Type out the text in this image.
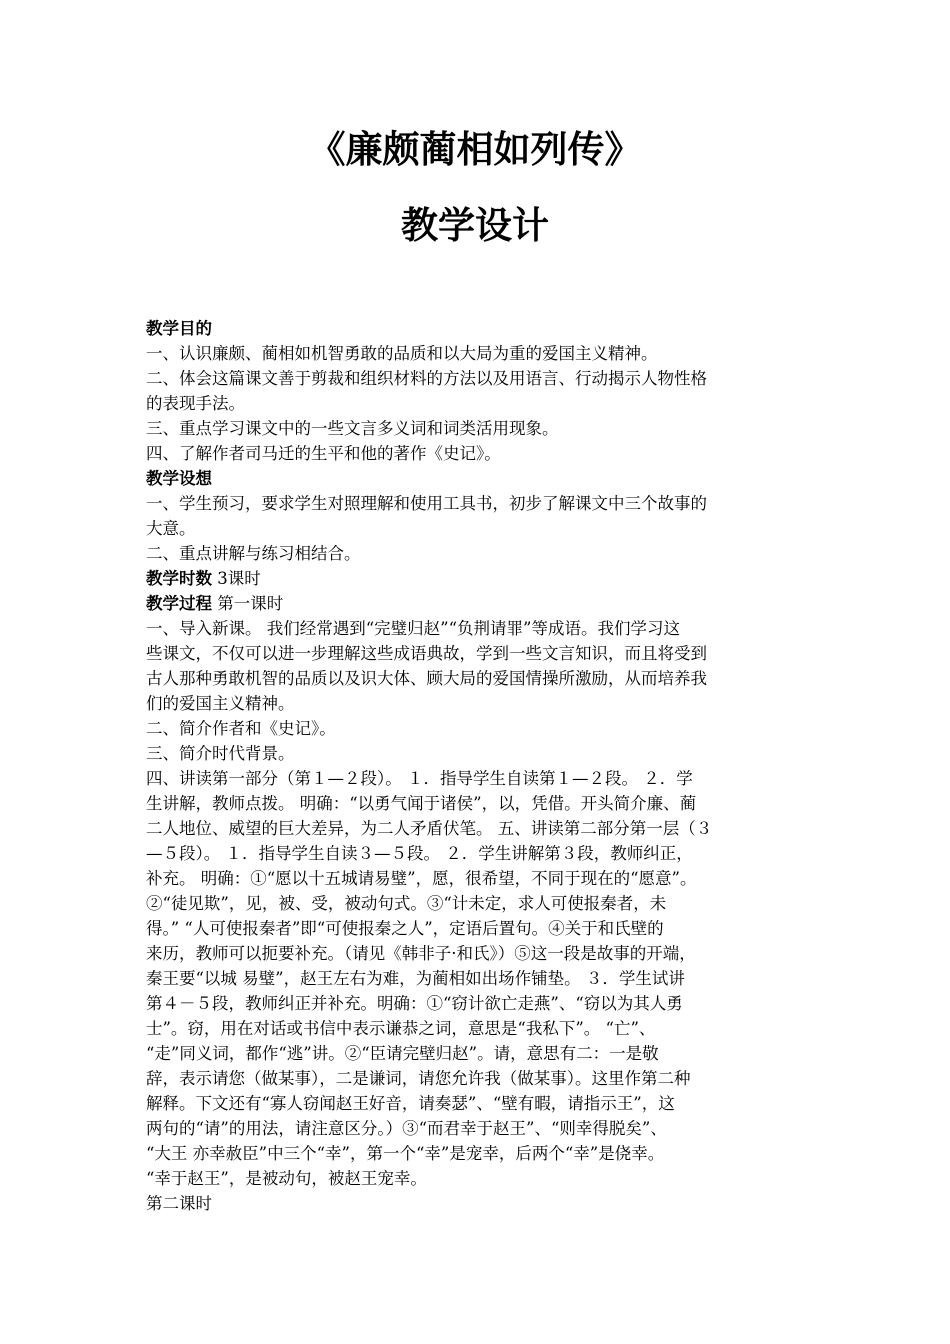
《廉颇蔺相如列传》
教学设计
教学目的
一、认识廉颇、蔺相如机智勇敢的品质和以大局为重的爱国主义精神。
二、体会这篇课文善于剪裁和组织材料的方法以及用语言、行动揭示人物性格
的表现手法。
三、重点学习课文中的一些文言多义词和词类活用现象。
四、了解作者司马迁的生平和他的著作《史记》。
教学设想
一、学生预习，要求学生对照理解和使用工具书，初步了解课文中三个故事的
大意。
二、重点讲解与练习相结合。
教学时数 3课时
教学过程 第一课时
一、导入新课。 我们经常遇到“完璧归赵”“负荆请罪”等成语。我们学习这
些课文，不仅可以进一步理解这些成语典故，学到一些文言知识，而且将受到
古人那种勇敢机智的品质以及识大体、顾大局的爱国情操所激励，从而培养我
们的爱国主义精神。
二、简介作者和《史记》。
三、简介时代背景。
四、讲读第一部分（第１—２段）。 １．指导学生自读第１—２段。 ２．学
生讲解，教师点拨。 明确：“以勇气闻于诸侯”，以，凭借。开头简介廉、蔺
二人地位、威望的巨大差异，为二人矛盾伏笔。 五、讲读第二部分第一层（３
—５段）。 １．指导学生自读３—５段。 ２．学生讲解第３段，教师纠正，
补充。 明确：①“愿以十五城请易璧”，愿，很希望，不同于现在的“愿意”。
②“徒见欺”，见，被、受，被动句式。③“计未定，求人可使报秦者，未
得。” “人可使报秦者”即“可使报秦之人”，定语后置句。④关于和氏壁的
来历，教师可以扼要补充。（请见《韩非子·和氏》）⑤这一段是故事的开端，
秦王要“以城 易璧”，赵王左右为难，为蔺相如出场作铺垫。 ３．学生试讲
第４－５段，教师纠正并补充。明确：①“窃计欲亡走燕”、“窃以为其人勇
士”。窃，用在对话或书信中表示谦恭之词，意思是“我私下”。 “亡”、
“走”同义词，都作“逃”讲。②“臣请完壁归赵”。请，意思有二：一是敬
辞，表示请您（做某事），二是谦词，请您允许我（做某事）。这里作第二种
解释。下文还有“寡人窃闻赵王好音，请奏瑟”、“壁有暇，请指示王”，这
两句的“请”的用法，请注意区分。）③“而君幸于赵王”、“则幸得脱矣”、
“大王 亦幸赦臣”中三个“幸”，第一个“幸”是宠幸，后两个“幸”是侥幸。
“幸于赵王”，是被动句，被赵王宠幸。
第二课时
